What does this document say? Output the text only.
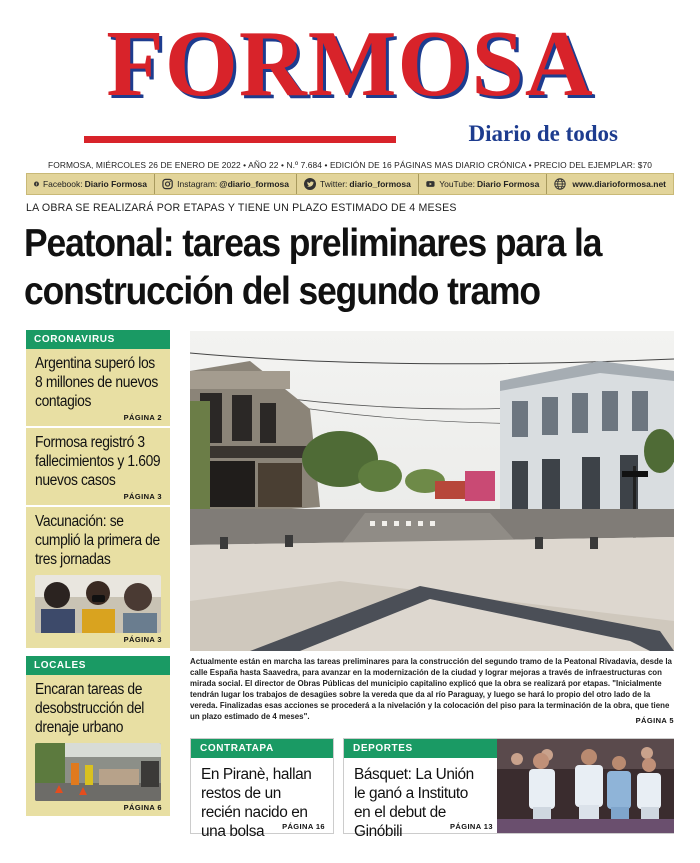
FORMOSA
Diario de todos
FORMOSA, MIÉRCOLES 26 DE ENERO DE 2022 • AÑO 22 • N.º 7.684 • EDICIÓN DE 16 PÁGINAS MAS DIARIO CRÓNICA • PRECIO DEL EJEMPLAR: $70
Facebook: Diario Formosa	Instagram: @diario_formosa	Twitter: diario_formosa	YouTube: Diario Formosa	www.diarioformosa.net
LA OBRA SE REALIZARÁ POR ETAPAS Y TIENE UN PLAZO ESTIMADO DE 4 MESES
Peatonal: tareas preliminares para la construcción del segundo tramo
CORONAVIRUS
Argentina superó los 8 millones de nuevos contagios
PÁGINA 2
Formosa registró 3 fallecimientos y 1.609 nuevos casos
PÁGINA 3
Vacunación: se cumplió la primera de tres jornadas
PÁGINA 3
LOCALES
Encaran tareas de desobstrucción del drenaje urbano
PÁGINA 6
Actualmente están en marcha las tareas preliminares para la construcción del segundo tramo de la Peatonal Rivadavia, desde la calle España hasta Saavedra, para avanzar en la modernización de la ciudad y lograr mejoras a través de infraestructuras con mirada social. El director de Obras Públicas del municipio capitalino explicó que la obra se realizará por etapas. "Inicialmente tendrán lugar los trabajos de desagües sobre la vereda que da al río Paraguay, y luego se hará lo propio del otro lado de la vereda. Finalizadas esas acciones se procederá a la nivelación y la colocación del piso para la terminación de la obra, que tiene un plazo estimado de 4 meses".	PÁGINA 5
CONTRATAPA
En Piranè, hallan restos de un recién nacido en una bolsa	PÁGINA 16
DEPORTES
Básquet: La Unión le ganó a Instituto en el debut de Ginóbili	PÁGINA 13
